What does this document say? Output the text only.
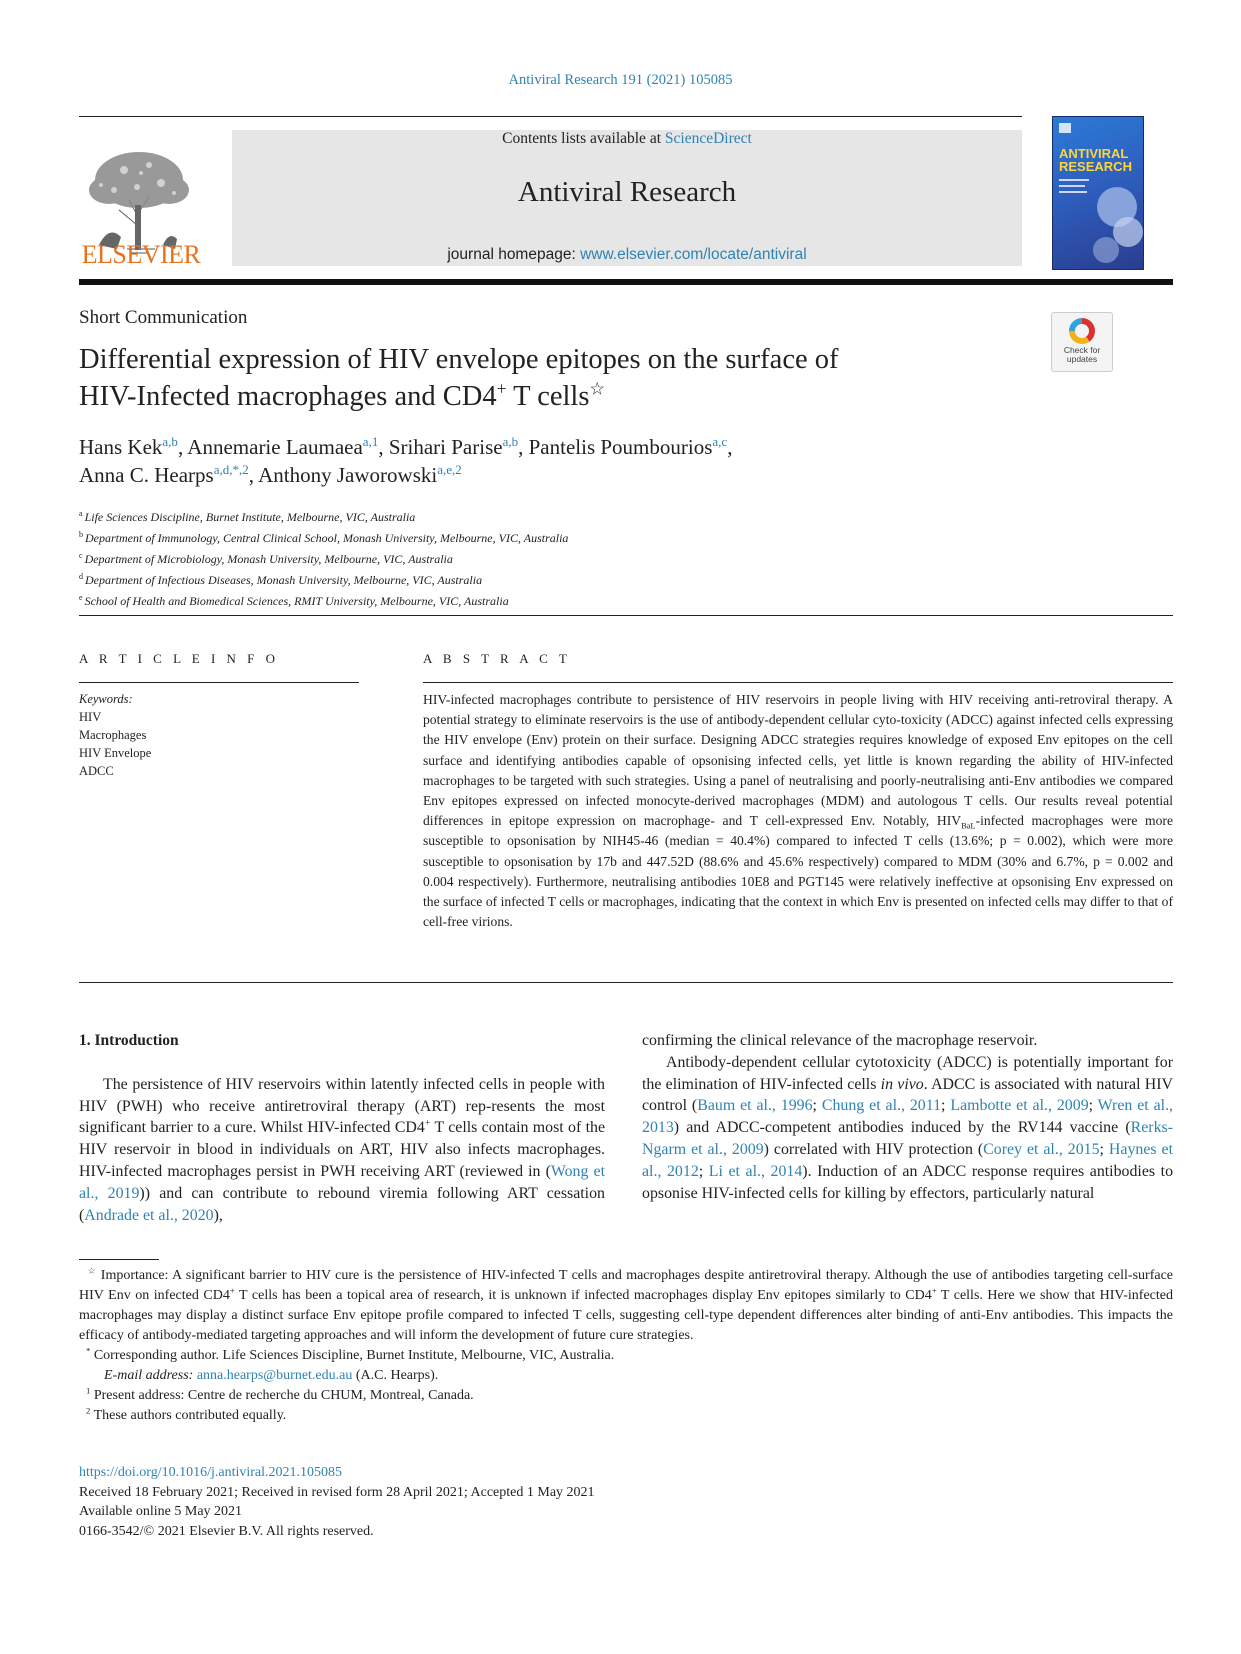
Antiviral Research 191 (2021) 105085
ELSEVIER
Contents lists available at ScienceDirect
Antiviral Research
journal homepage: www.elsevier.com/locate/antiviral
ANTIVIRAL
RESEARCH
Short Communication
Check for updates
Differential expression of HIV envelope epitopes on the surface of
HIV-Infected macrophages and CD4+ T cells☆
Hans Kek$^{a,b}$, Annemarie Laumaea$^{a,1}$, Srihari Parise$^{a,b}$, Pantelis Poumbourios$^{a,c}$,
Anna C. Hearps$^{a,d,*,2}$, Anthony Jaworowski$^{a,e,2}$
$^a$ Life Sciences Discipline, Burnet Institute, Melbourne, VIC, Australia
$^b$ Department of Immunology, Central Clinical School, Monash University, Melbourne, VIC, Australia
$^c$ Department of Microbiology, Monash University, Melbourne, VIC, Australia
$^d$ Department of Infectious Diseases, Monash University, Melbourne, VIC, Australia
$^e$ School of Health and Biomedical Sciences, RMIT University, Melbourne, VIC, Australia
A R T I C L E I N F O
Keywords:
HIV
Macrophages
HIV Envelope
ADCC
A B S T R A C T
HIV-infected macrophages contribute to persistence of HIV reservoirs in people living with HIV receiving anti-retroviral therapy. A potential strategy to eliminate reservoirs is the use of antibody-dependent cellular cyto-toxicity (ADCC) against infected cells expressing the HIV envelope (Env) protein on their surface. Designing ADCC strategies requires knowledge of exposed Env epitopes on the cell surface and identifying antibodies capable of opsonising infected cells, yet little is known regarding the ability of HIV-infected macrophages to be targeted with such strategies. Using a panel of neutralising and poorly-neutralising anti-Env antibodies we compared Env epitopes expressed on infected monocyte-derived macrophages (MDM) and autologous T cells. Our results reveal potential differences in epitope expression on macrophage- and T cell-expressed Env. Notably, $HIV_{BaL}$-infected macrophages were more susceptible to opsonisation by NIH45-46 (median = 40.4%) compared to infected T cells (13.6%; p = 0.002), which were more susceptible to opsonisation by 17b and 447.52D (88.6% and 45.6% respectively) compared to MDM (30% and 6.7%, p = 0.002 and 0.004 respectively). Furthermore, neutralising antibodies 10E8 and PGT145 were relatively ineffective at opsonising Env expressed on the surface of infected T cells or macrophages, indicating that the context in which Env is presented on infected cells may differ to that of cell-free virions.

1. Introduction

The persistence of HIV reservoirs within latently infected cells in people with HIV (PWH) who receive antiretroviral therapy (ART) rep-resents the most significant barrier to a cure. Whilst HIV-infected CD4+ T cells contain most of the HIV reservoir in blood in individuals on ART, HIV also infects macrophages. HIV-infected macrophages persist in PWH receiving ART (reviewed in (Wong et al., 2019)) and can contribute to rebound viremia following ART cessation (Andrade et al., 2020),

confirming the clinical relevance of the macrophage reservoir.

Antibody-dependent cellular cytotoxicity (ADCC) is potentially important for the elimination of HIV-infected cells in vivo. ADCC is associated with natural HIV control (Baum et al., 1996; Chung et al., 2011; Lambotte et al., 2009; Wren et al., 2013) and ADCC-competent antibodies induced by the RV144 vaccine (Rerks-Ngarm et al., 2009) correlated with HIV protection (Corey et al., 2015; Haynes et al., 2012; Li et al., 2014). Induction of an ADCC response requires antibodies to opsonise HIV-infected cells for killing by effectors, particularly natural

☆ Importance: A significant barrier to HIV cure is the persistence of HIV-infected T cells and macrophages despite antiretroviral therapy. Although the use of antibodies targeting cell-surface HIV Env on infected CD4+ T cells has been a topical area of research, it is unknown if infected macrophages display Env epitopes similarly to CD4+ T cells. Here we show that HIV-infected macrophages may display a distinct surface Env epitope profile compared to infected T cells, suggesting cell-type dependent differences alter binding of anti-Env antibodies. This impacts the efficacy of antibody-mediated targeting approaches and will inform the development of future cure strategies.

* Corresponding author. Life Sciences Discipline, Burnet Institute, Melbourne, VIC, Australia.

E-mail address: anna.hearps@burnet.edu.au (A.C. Hearps).

$^1$ Present address: Centre de recherche du CHUM, Montreal, Canada.

$^2$ These authors contributed equally.

https://doi.org/10.1016/j.antiviral.2021.105085
Received 18 February 2021; Received in revised form 28 April 2021; Accepted 1 May 2021
Available online 5 May 2021
0166-3542/© 2021 Elsevier B.V. All rights reserved.
